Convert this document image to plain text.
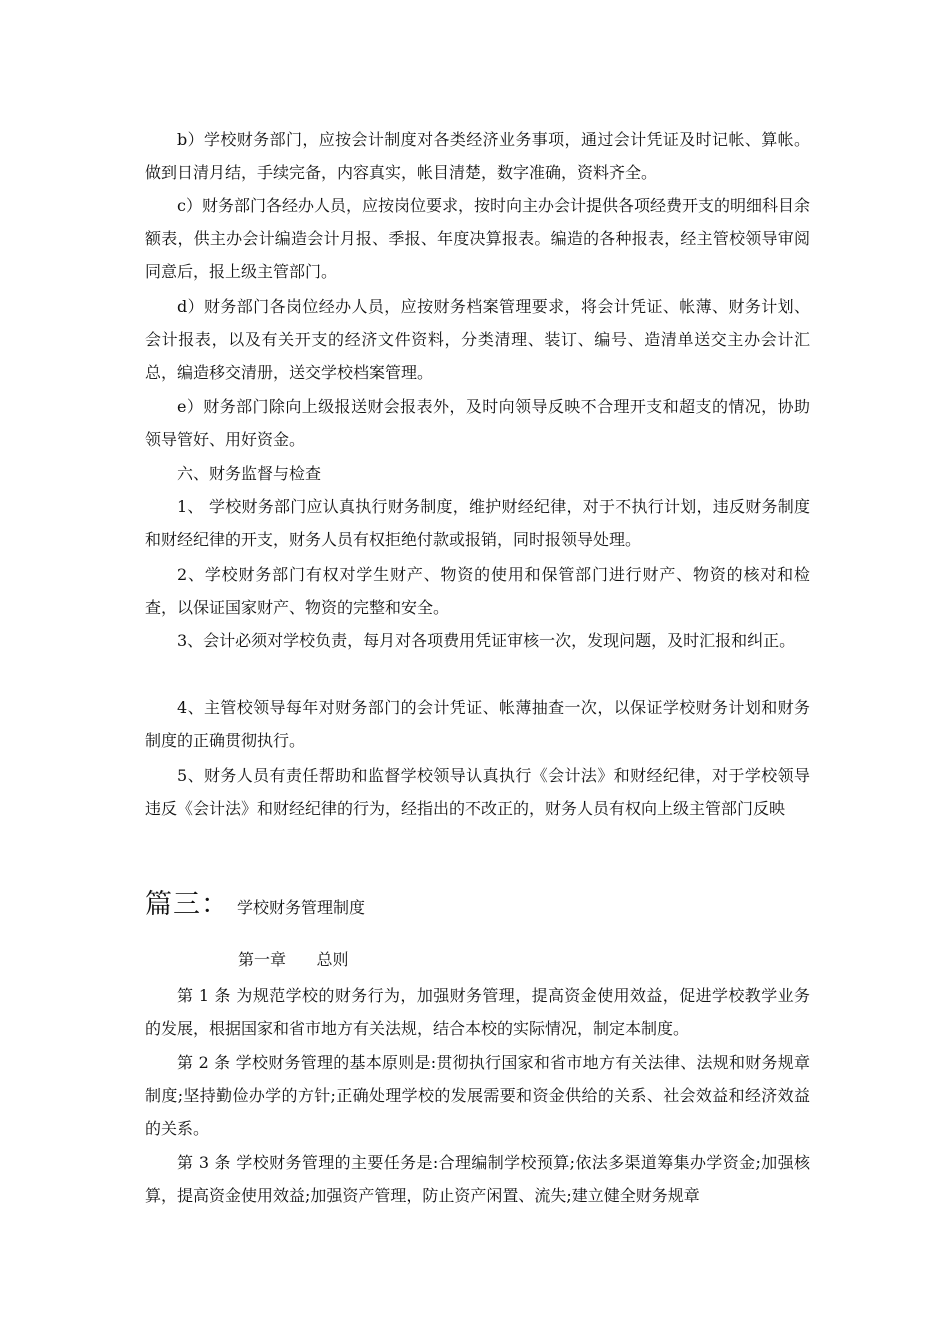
b）学校财务部门，应按会计制度对各类经济业务事项，通过会计凭证及时记帐、算帐。做到日清月结，手续完备，内容真实，帐目清楚，数字准确，资料齐全。

c）财务部门各经办人员，应按岗位要求，按时向主办会计提供各项经费开支的明细科目余额表，供主办会计编造会计月报、季报、年度决算报表。编造的各种报表，经主管校领导审阅同意后，报上级主管部门。

d）财务部门各岗位经办人员，应按财务档案管理要求，将会计凭证、帐薄、财务计划、会计报表，以及有关开支的经济文件资料，分类清理、装订、编号、造清单送交主办会计汇总，编造移交清册，送交学校档案管理。

e）财务部门除向上级报送财会报表外，及时向领导反映不合理开支和超支的情况，协助领导管好、用好资金。

六、财务监督与检查

1、 学校财务部门应认真执行财务制度，维护财经纪律，对于不执行计划，违反财务制度和财经纪律的开支，财务人员有权拒绝付款或报销，同时报领导处理。

2、学校财务部门有权对学生财产、物资的使用和保管部门进行财产、物资的核对和检查，以保证国家财产、物资的完整和安全。

3、会计必须对学校负责，每月对各项费用凭证审核一次，发现问题，及时汇报和纠正。

4、主管校领导每年对财务部门的会计凭证、帐薄抽查一次，以保证学校财务计划和财务制度的正确贯彻执行。

5、财务人员有责任帮助和监督学校领导认真执行《会计法》和财经纪律，对于学校领导违反《会计法》和财经纪律的行为，经指出的不改正的，财务人员有权向上级主管部门反映

篇三： 学校财务管理制度
第一章      总则

第 1 条 为规范学校的财务行为，加强财务管理，提高资金使用效益，促进学校教学业务的发展，根据国家和省市地方有关法规，结合本校的实际情况，制定本制度。

第 2 条 学校财务管理的基本原则是:贯彻执行国家和省市地方有关法律、法规和财务规章制度;坚持勤俭办学的方针;正确处理学校的发展需要和资金供给的关系、社会效益和经济效益的关系。

第 3 条 学校财务管理的主要任务是:合理编制学校预算;依法多渠道筹集办学资金;加强核算，提高资金使用效益;加强资产管理，防止资产闲置、流失;建立健全财务规章
